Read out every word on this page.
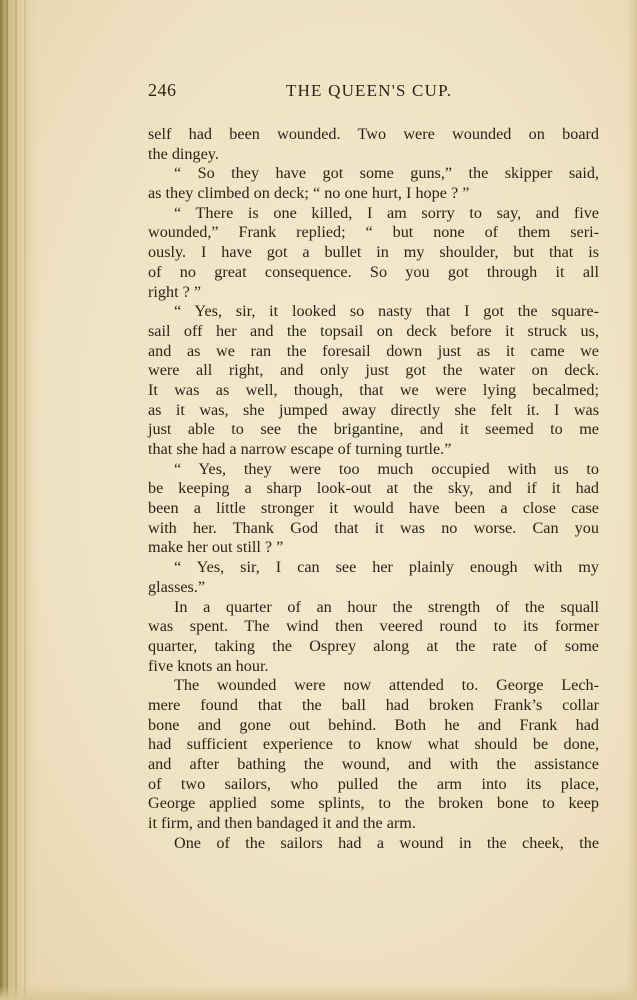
246	THE QUEEN'S CUP.
self had been wounded. Two were wounded on board
the dingey.
“ So they have got some guns,” the skipper said,
as they climbed on deck; “ no one hurt, I hope ? ”
“ There is one killed, I am sorry to say, and five
wounded,” Frank replied; “ but none of them seri-
ously. I have got a bullet in my shoulder, but that is
of no great consequence. So you got through it all
right ? ”
“ Yes, sir, it looked so nasty that I got the square-
sail off her and the topsail on deck before it struck us,
and as we ran the foresail down just as it came we
were all right, and only just got the water on deck.
It was as well, though, that we were lying becalmed;
as it was, she jumped away directly she felt it. I was
just able to see the brigantine, and it seemed to me
that she had a narrow escape of turning turtle.”
“ Yes, they were too much occupied with us to
be keeping a sharp look-out at the sky, and if it had
been a little stronger it would have been a close case
with her. Thank God that it was no worse. Can you
make her out still ? ”
“ Yes, sir, I can see her plainly enough with my
glasses.”
In a quarter of an hour the strength of the squall
was spent. The wind then veered round to its former
quarter, taking the Osprey along at the rate of some
five knots an hour.
The wounded were now attended to. George Lech-
mere found that the ball had broken Frank’s collar
bone and gone out behind. Both he and Frank had
had sufficient experience to know what should be done,
and after bathing the wound, and with the assistance
of two sailors, who pulled the arm into its place,
George applied some splints, to the broken bone to keep
it firm, and then bandaged it and the arm.
One of the sailors had a wound in the cheek, the
